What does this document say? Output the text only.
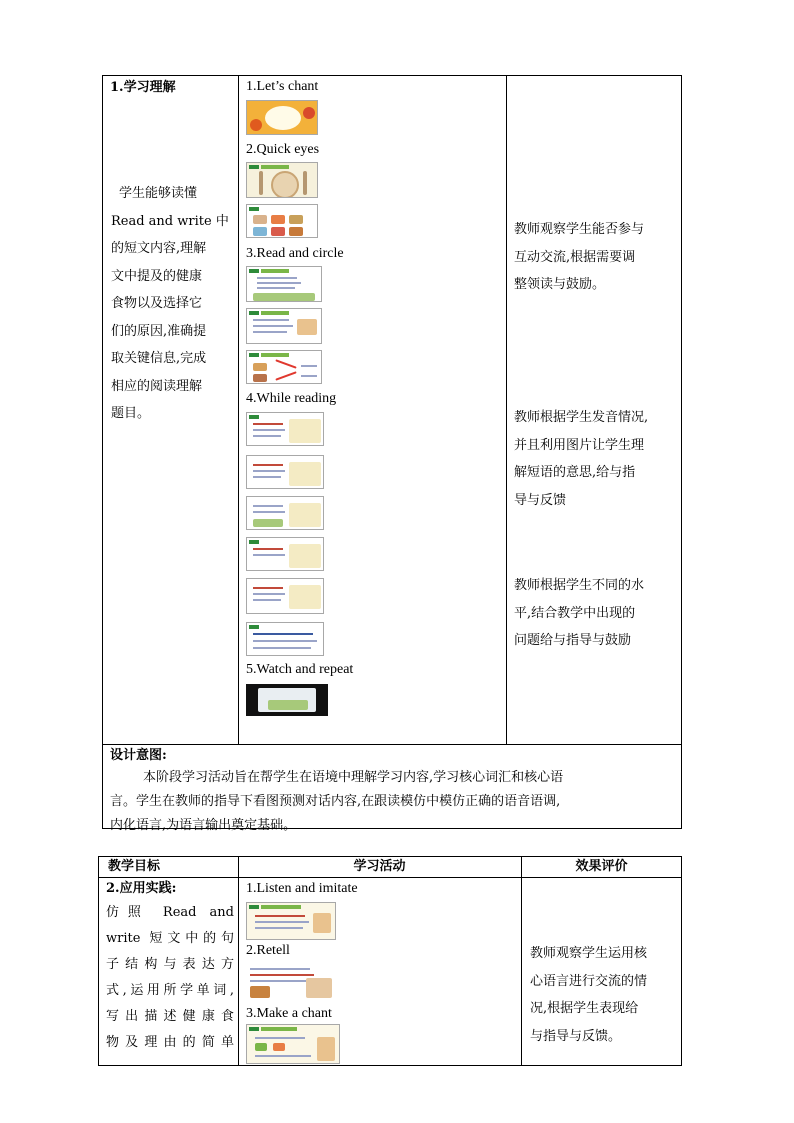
1.学习理解
学生能够读懂
Read and write 中
的短文内容,理解
文中提及的健康
食物以及选择它
们的原因,准确提
取关键信息,完成
相应的阅读理解
题目。
1.Let’s chant
2.Quick eyes
3.Read and circle
4.While reading
5.Watch and repeat
教师观察学生能否参与
互动交流,根据需要调
整领读与鼓励。
教师根据学生发音情况,
并且利用图片让学生理
解短语的意思,给与指
导与反馈
教师根据学生不同的水
平,结合教学中出现的
问题给与指导与鼓励
设计意图:
本阶段学习活动旨在帮学生在语境中理解学习内容,学习核心词汇和核心语
言。学生在教师的指导下看图预测对话内容,在跟读模仿中模仿正确的语音语调,
内化语言,为语言输出奠定基础。
教学目标	学习活动	效果评价
2.应用实践:
仿照 Read and
write 短文中的句
子结构与表达方
式,运用所学单词,
写出描述健康食
物及理由的简单
1.Listen and imitate
2.Retell
3.Make a chant
教师观察学生运用核
心语言进行交流的情
况,根据学生表现给
与指导与反馈。
